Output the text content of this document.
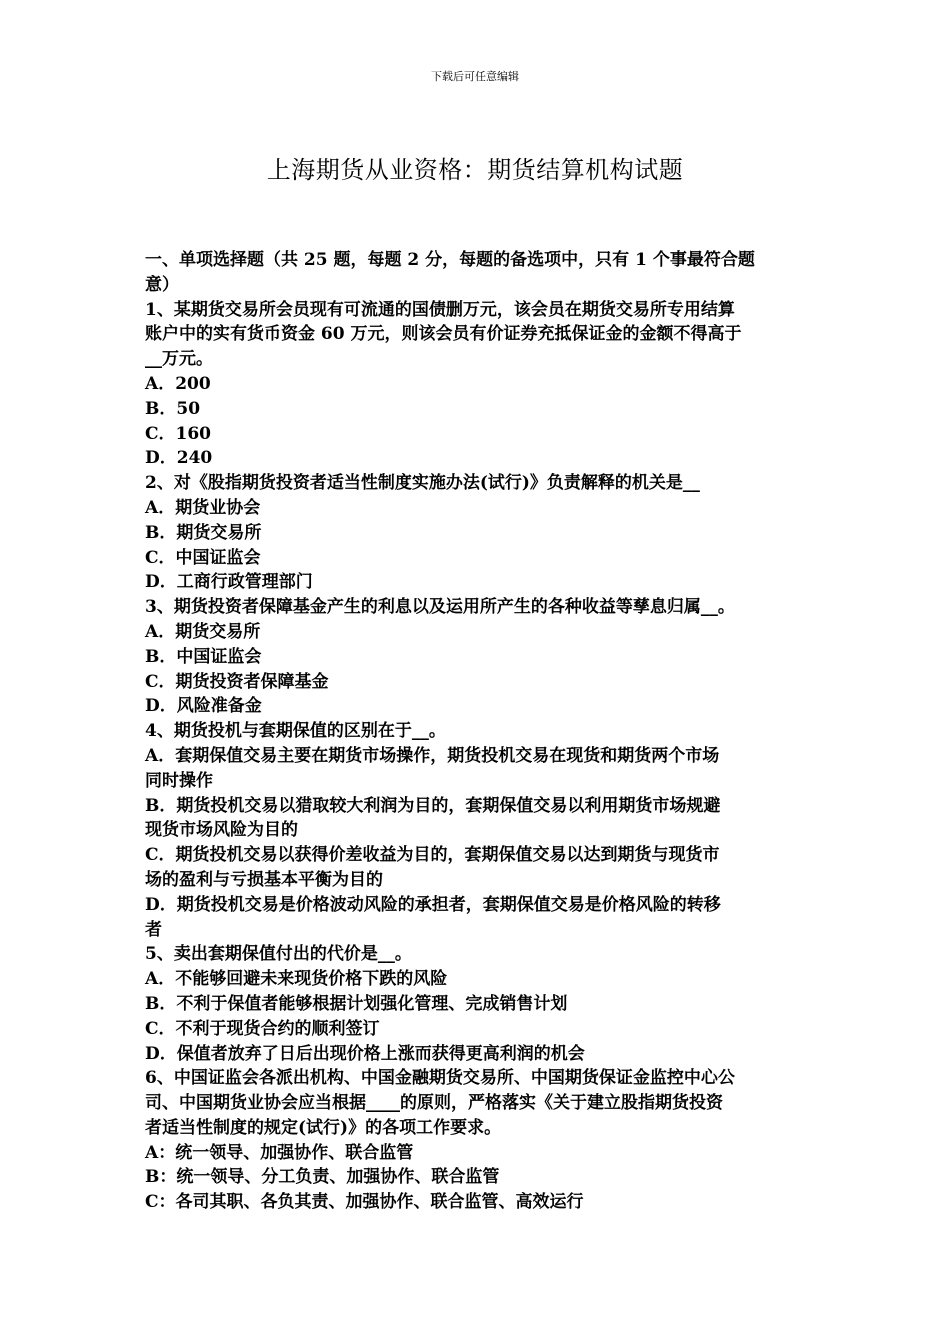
下载后可任意编辑
上海期货从业资格：期货结算机构试题
一、单项选择题（共 25 题，每题 2 分，每题的备选项中，只有 1 个事最符合题
意）
1、某期货交易所会员现有可流通的国债删万元，该会员在期货交易所专用结算
账户中的实有货币资金 60 万元，则该会员有价证券充抵保证金的金额不得高于
__万元。
A．200
B．50
C．160
D．240
2、对《股指期货投资者适当性制度实施办法(试行)》负责解释的机关是__
A．期货业协会
B．期货交易所
C．中国证监会
D．工商行政管理部门
3、期货投资者保障基金产生的利息以及运用所产生的各种收益等孳息归属__。
A．期货交易所
B．中国证监会
C．期货投资者保障基金
D．风险准备金
4、期货投机与套期保值的区别在于__。
A．套期保值交易主要在期货市场操作，期货投机交易在现货和期货两个市场
同时操作
B．期货投机交易以猎取较大利润为目的，套期保值交易以利用期货市场规避
现货市场风险为目的
C．期货投机交易以获得价差收益为目的，套期保值交易以达到期货与现货市
场的盈利与亏损基本平衡为目的
D．期货投机交易是价格波动风险的承担者，套期保值交易是价格风险的转移
者
5、卖出套期保值付出的代价是__。
A．不能够回避未来现货价格下跌的风险
B．不利于保值者能够根据计划强化管理、完成销售计划
C．不利于现货合约的顺利签订
D．保值者放弃了日后出现价格上涨而获得更高利润的机会
6、中国证监会各派出机构、中国金融期货交易所、中国期货保证金监控中心公
司、中国期货业协会应当根据____的原则，严格落实《关于建立股指期货投资
者适当性制度的规定(试行)》的各项工作要求。
A：统一领导、加强协作、联合监管
B：统一领导、分工负责、加强协作、联合监管
C：各司其职、各负其责、加强协作、联合监管、高效运行
